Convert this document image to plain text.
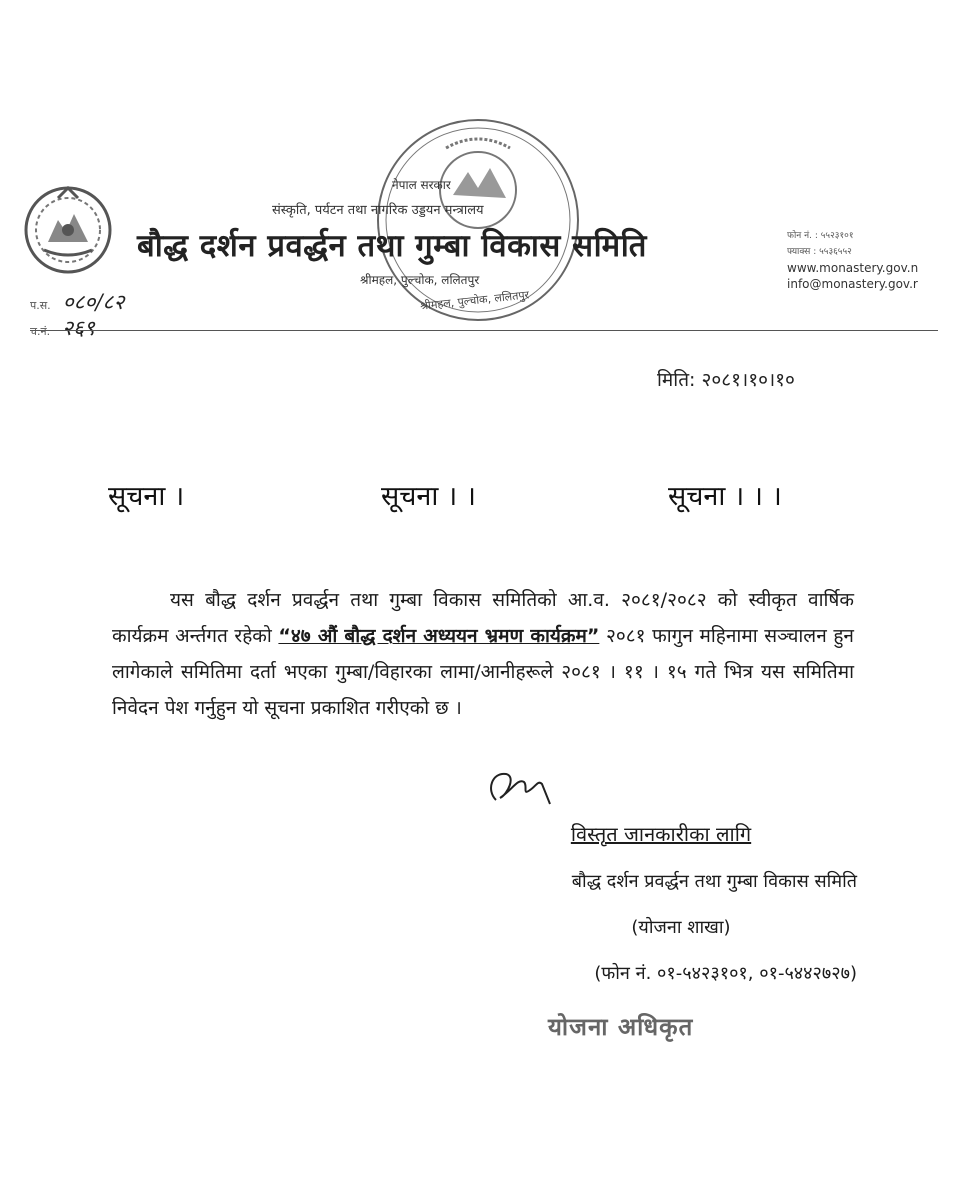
नेपाल सरकार
संस्कृति, पर्यटन तथा नागरिक उड्डयन मन्त्रालय
बौद्ध दर्शन प्रवर्द्धन तथा गुम्बा विकास समिति
श्रीमहल, पुल्चोक, ललितपुर
श्रीमहल, पुल्चोक, ललितपुर
फोन नं. : ५५२३१०१
फ्याक्स : ५५३६५५२
www.monastery.gov.n
info@monastery.gov.r
प.स. ०८०/८२
च.नं. २६९
मिति: २०८१।१०।१०
सूचना ।	सूचना । ।	सूचना । । ।

यस बौद्ध दर्शन प्रवर्द्धन तथा गुम्बा विकास समितिको आ.व. २०८१/२०८२ को स्वीकृत वार्षिक कार्यक्रम अर्न्तगत रहेको “४७ औं बौद्ध दर्शन अध्ययन भ्रमण कार्यक्रम” २०८१ फागुन महिनामा सञ्चालन हुन लागेकाले समितिमा दर्ता भएका गुम्बा/विहारका लामा/आनीहरूले २०८१ । ११ । १५ गते भित्र यस समितिमा निवेदन पेश गर्नुहुन यो सूचना प्रकाशित गरीएको छ ।

विस्तृत जानकारीका लागि
बौद्ध दर्शन प्रवर्द्धन तथा गुम्बा विकास समिति
(योजना शाखा)
(फोन नं. ०१-५४२३१०१, ०१-५४४२७२७)
योजना अधिकृत
